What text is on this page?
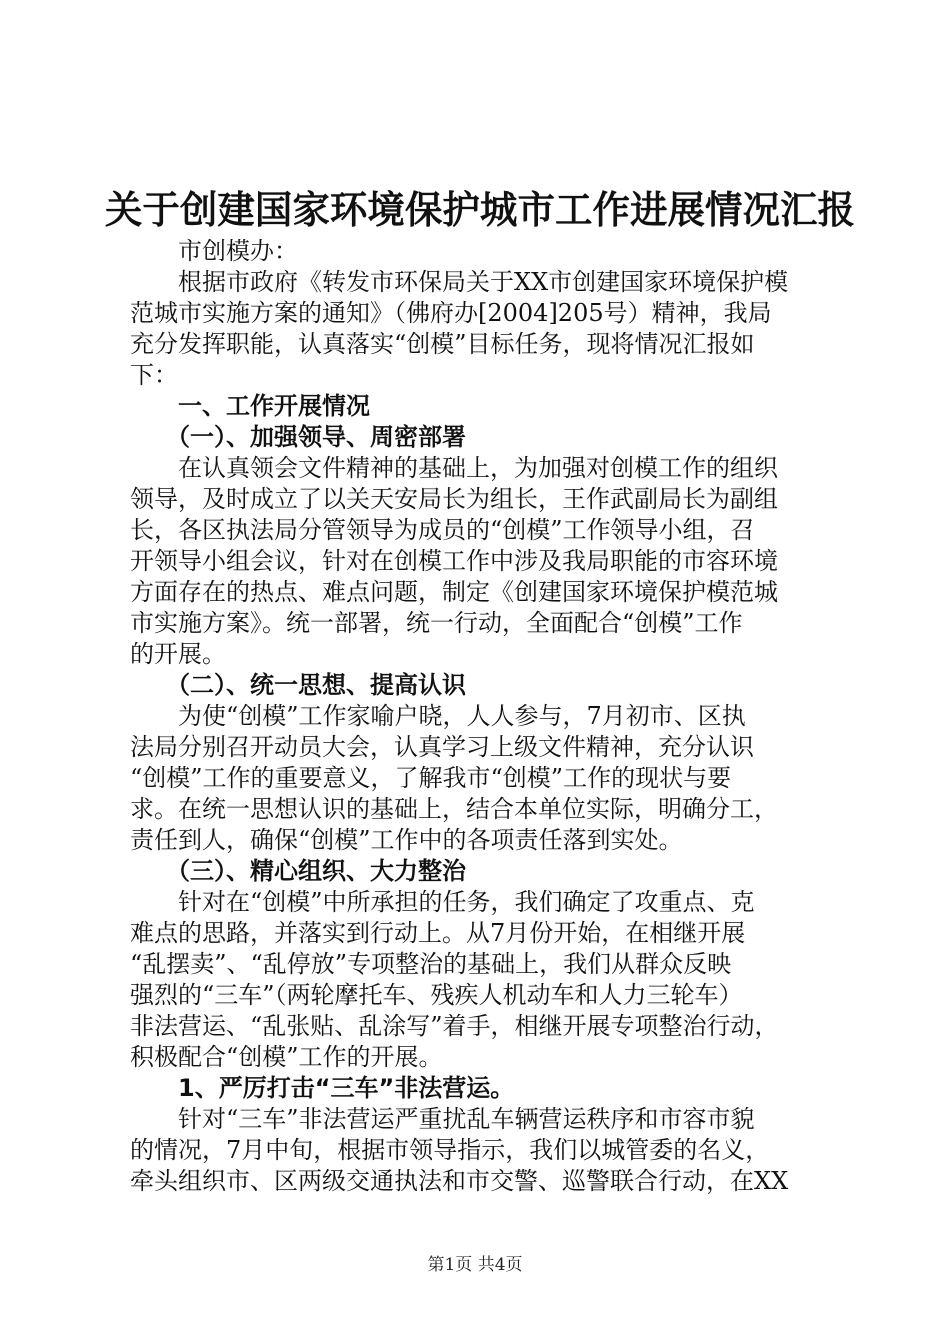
关于创建国家环境保护城市工作进展情况汇报
市创模办：
根据市政府《转发市环保局关于XX市创建国家环境保护模
范城市实施方案的通知》（佛府办[2004]205号）精神，我局
充分发挥职能，认真落实“创模”目标任务，现将情况汇报如
下：
一、工作开展情况
（一）、加强领导、周密部署
在认真领会文件精神的基础上，为加强对创模工作的组织
领导，及时成立了以关天安局长为组长，王作武副局长为副组
长，各区执法局分管领导为成员的“创模”工作领导小组，召
开领导小组会议，针对在创模工作中涉及我局职能的市容环境
方面存在的热点、难点问题，制定《创建国家环境保护模范城
市实施方案》。统一部署，统一行动，全面配合“创模”工作
的开展。
（二）、统一思想、提高认识
为使“创模”工作家喻户晓，人人参与，7月初市、区执
法局分别召开动员大会，认真学习上级文件精神，充分认识
“创模”工作的重要意义，了解我市“创模”工作的现状与要
求。在统一思想认识的基础上，结合本单位实际，明确分工，
责任到人，确保“创模”工作中的各项责任落到实处。
（三）、精心组织、大力整治
针对在“创模”中所承担的任务，我们确定了攻重点、克
难点的思路，并落实到行动上。从7月份开始，在相继开展
“乱摆卖”、“乱停放”专项整治的基础上，我们从群众反映
强烈的“三车”（两轮摩托车、残疾人机动车和人力三轮车）
非法营运、“乱张贴、乱涂写”着手，相继开展专项整治行动，
积极配合“创模”工作的开展。
1、严厉打击“三车”非法营运。
针对“三车”非法营运严重扰乱车辆营运秩序和市容市貌
的情况，7月中旬，根据市领导指示，我们以城管委的名义，
牵头组织市、区两级交通执法和市交警、巡警联合行动，在XX
第1页 共4页
